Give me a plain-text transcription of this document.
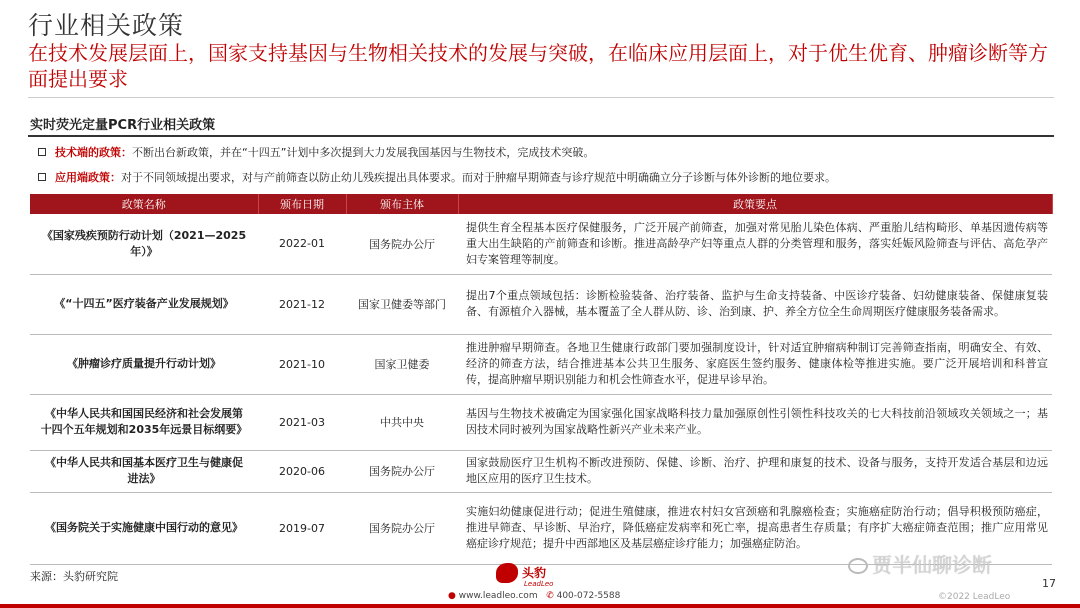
行业相关政策
在技术发展层面上，国家支持基因与生物相关技术的发展与突破，在临床应用层面上，对于优生优育、肿瘤诊断等方面提出要求
实时荧光定量PCR行业相关政策
技术端的政策：不断出台新政策，并在“十四五”计划中多次提到大力发展我国基因与生物技术，完成技术突破。
应用端政策：对于不同领域提出要求，对与产前筛查以防止幼儿残疾提出具体要求。而对于肿瘤早期筛查与诊疗规范中明确确立分子诊断与体外诊断的地位要求。
政策名称	颁布日期	颁布主体	政策要点
《国家残疾预防行动计划（2021—2025年）》	2022-01	国务院办公厅	提供生育全程基本医疗保健服务，广泛开展产前筛查，加强对常见胎儿染色体病、严重胎儿结构畸形、单基因遗传病等重大出生缺陷的产前筛查和诊断。推进高龄孕产妇等重点人群的分类管理和服务，落实妊娠风险筛查与评估、高危孕产妇专案管理等制度。
《“十四五”医疗装备产业发展规划》	2021-12	国家卫健委等部门	提出7个重点领域包括：诊断检验装备、治疗装备、监护与生命支持装备、中医诊疗装备、妇幼健康装备、保健康复装备、有源植介入器械，基本覆盖了全人群从防、诊、治到康、护、养全方位全生命周期医疗健康服务装备需求。
《肿瘤诊疗质量提升行动计划》	2021-10	国家卫健委	推进肿瘤早期筛查。各地卫生健康行政部门要加强制度设计，针对适宜肿瘤病种制订完善筛查指南，明确安全、有效、经济的筛查方法，结合推进基本公共卫生服务、家庭医生签约服务、健康体检等推进实施。要广泛开展培训和科普宣传，提高肿瘤早期识别能力和机会性筛查水平，促进早诊早治。
《中华人民共和国国民经济和社会发展第十四个五年规划和2035年远景目标纲要》	2021-03	中共中央	基因与生物技术被确定为国家强化国家战略科技力量加强原创性引领性科技攻关的七大科技前沿领域攻关领域之一；基因技术同时被列为国家战略性新兴产业未来产业。
《中华人民共和国基本医疗卫生与健康促进法》	2020-06	国务院办公厅	国家鼓励医疗卫生机构不断改进预防、保健、诊断、治疗、护理和康复的技术、设备与服务，支持开发适合基层和边远地区应用的医疗卫生技术。
《国务院关于实施健康中国行动的意见》	2019-07	国务院办公厅	实施妇幼健康促进行动；促进生殖健康，推进农村妇女宫颈癌和乳腺癌检查；实施癌症防治行动；倡导积极预防癌症，推进早筛查、早诊断、早治疗，降低癌症发病率和死亡率，提高患者生存质量；有序扩大癌症筛查范围；推广应用常见癌症诊疗规范；提升中西部地区及基层癌症诊疗能力；加强癌症防治。
来源：头豹研究院	头豹
LeadLeo
● www.leadleo.com ✆ 400-072-5588
贾半仙聊诊断
17
©2022 LeadLeo
